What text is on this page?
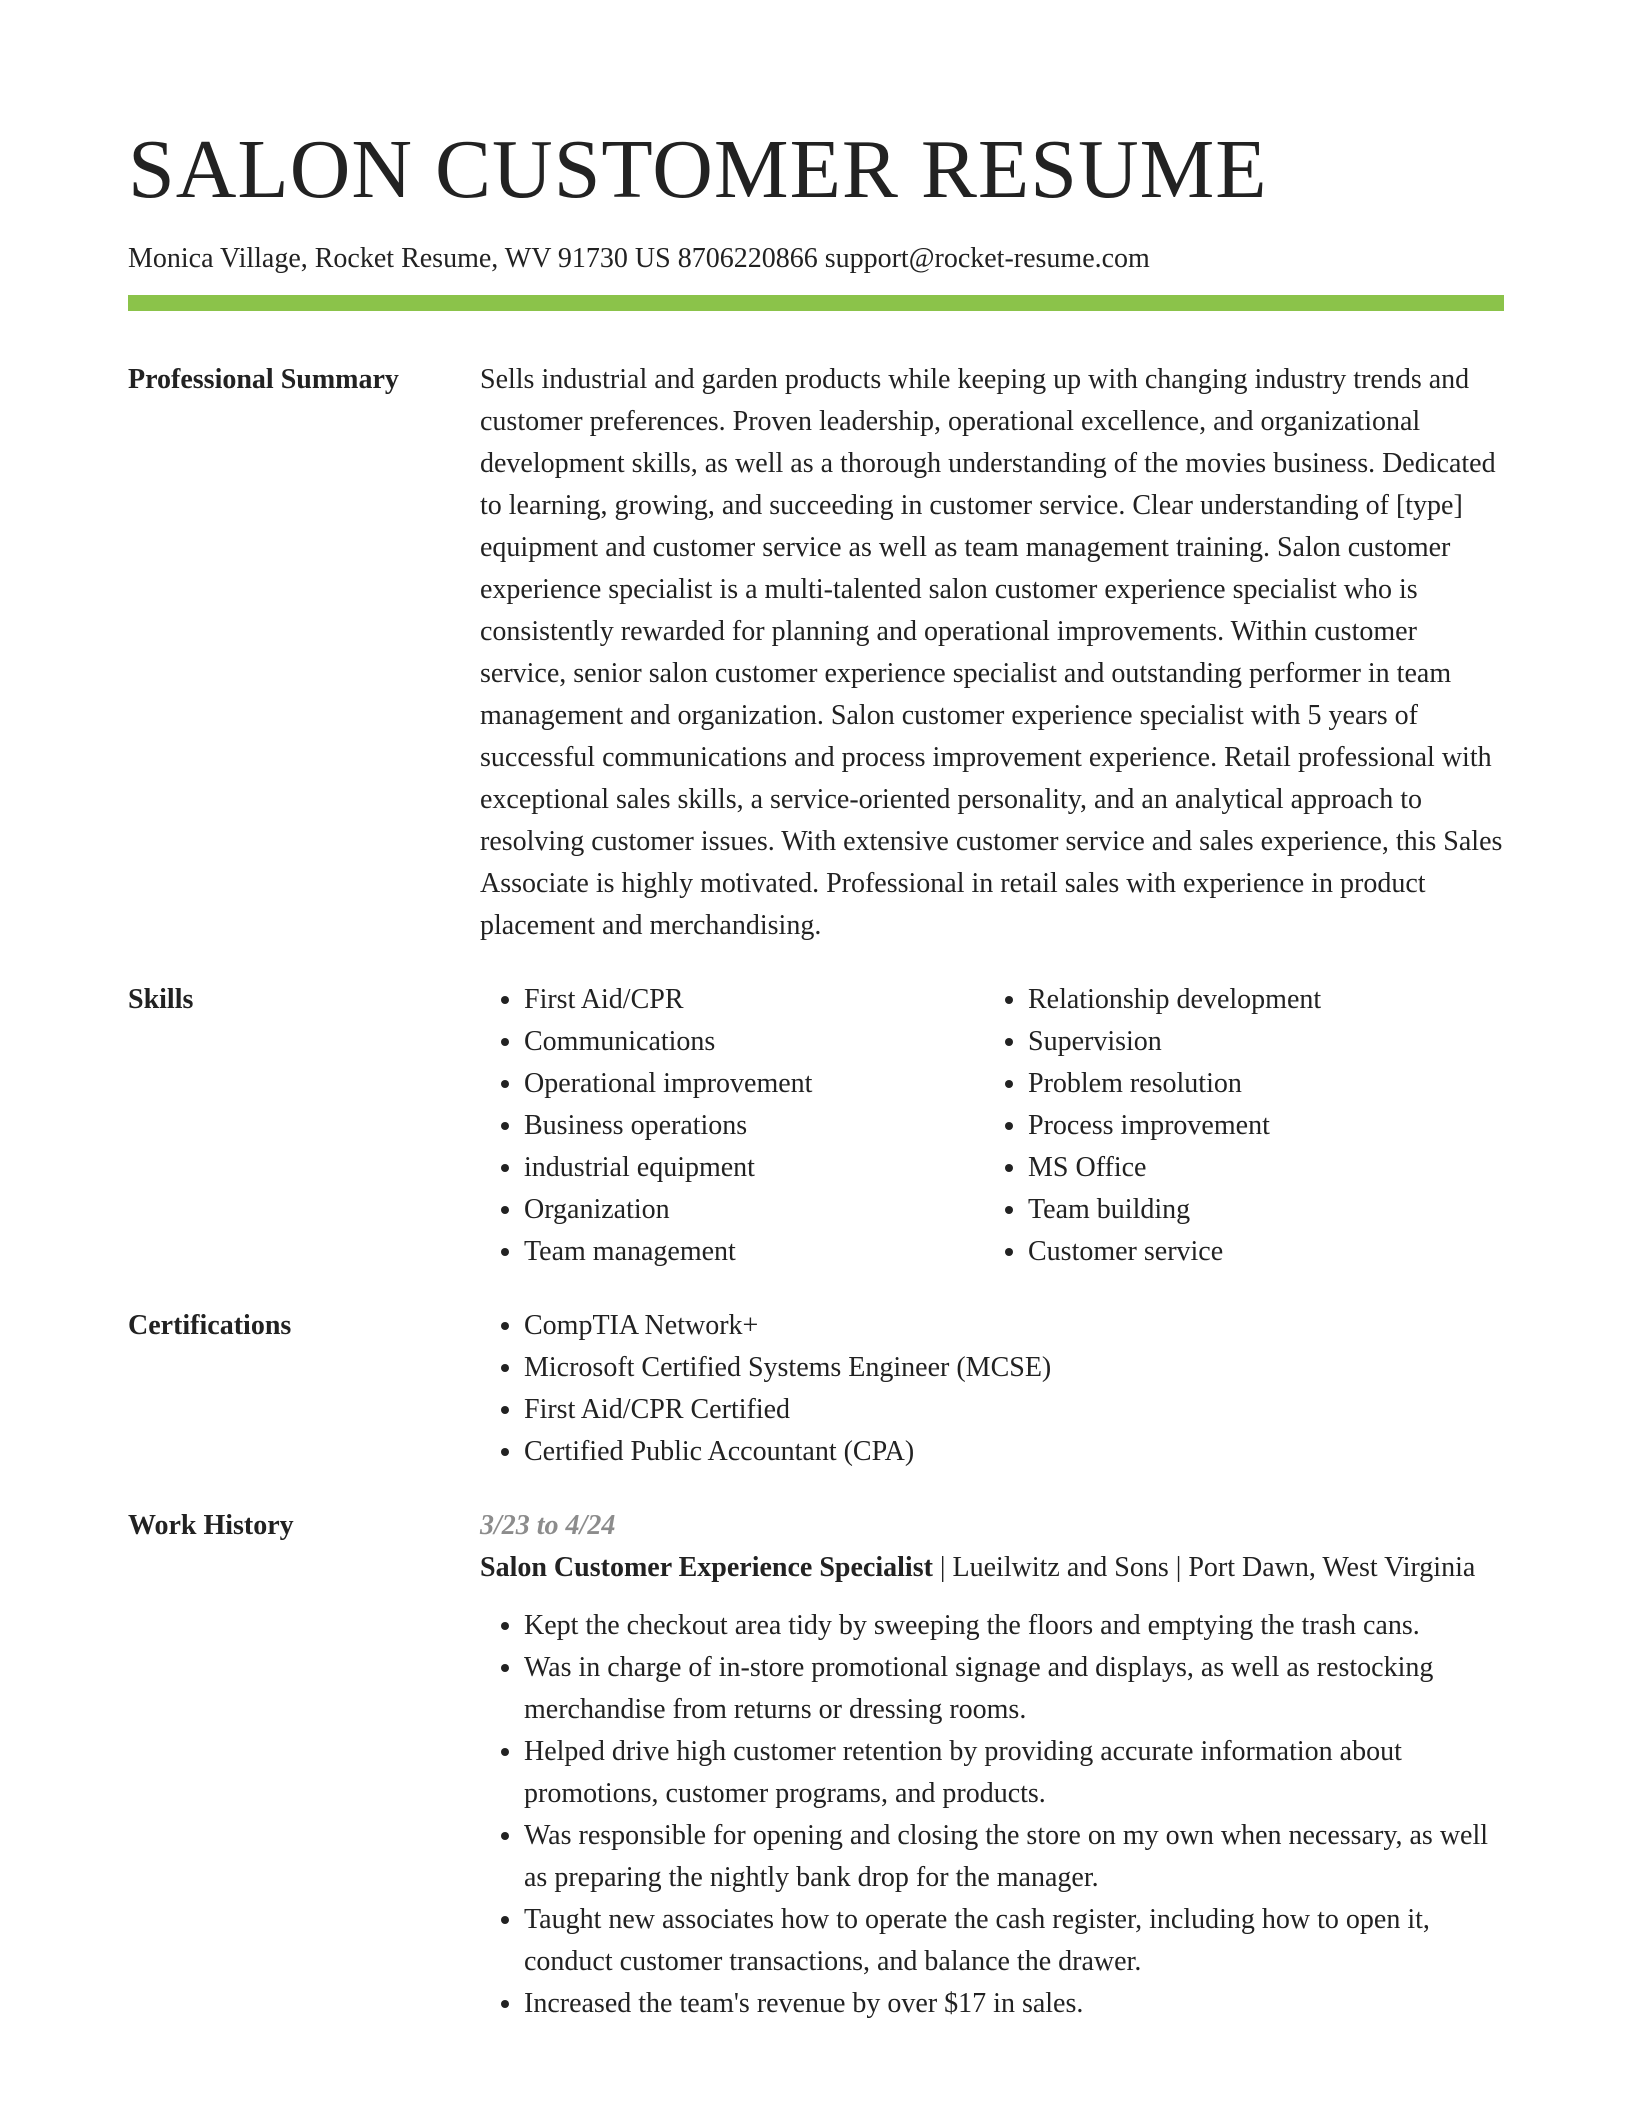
SALON CUSTOMER RESUME
Monica Village, Rocket Resume, WV 91730 US 8706220866 support@rocket-resume.com
Professional Summary	Sells industrial and garden products while keeping up with changing industry trends and customer preferences. Proven leadership, operational excellence, and organizational development skills, as well as a thorough understanding of the movies business. Dedicated to learning, growing, and succeeding in customer service. Clear understanding of [type] equipment and customer service as well as team management training. Salon customer experience specialist is a multi-talented salon customer experience specialist who is consistently rewarded for planning and operational improvements. Within customer service, senior salon customer experience specialist and outstanding performer in team management and organization. Salon customer experience specialist with 5 years of successful communications and process improvement experience. Retail professional with exceptional sales skills, a service-oriented personality, and an analytical approach to resolving customer issues. With extensive customer service and sales experience, this Sales Associate is highly motivated. Professional in retail sales with experience in product placement and merchandising.

Skills	• First Aid/CPR
• Communications
• Operational improvement
• Business operations
• industrial equipment
• Organization
• Team management
• Relationship development
• Supervision
• Problem resolution
• Process improvement
• MS Office
• Team building
• Customer service
Certifications	• CompTIA Network+
• Microsoft Certified Systems Engineer (MCSE)
• First Aid/CPR Certified
• Certified Public Accountant (CPA)
Work History	3/23 to 4/24
Salon Customer Experience Specialist | Lueilwitz and Sons | Port Dawn, West Virginia
• Kept the checkout area tidy by sweeping the floors and emptying the trash cans.
• Was in charge of in-store promotional signage and displays, as well as restocking merchandise from returns or dressing rooms.
• Helped drive high customer retention by providing accurate information about promotions, customer programs, and products.
• Was responsible for opening and closing the store on my own when necessary, as well as preparing the nightly bank drop for the manager.
• Taught new associates how to operate the cash register, including how to open it, conduct customer transactions, and balance the drawer.
• Increased the team's revenue by over $17 in sales.
